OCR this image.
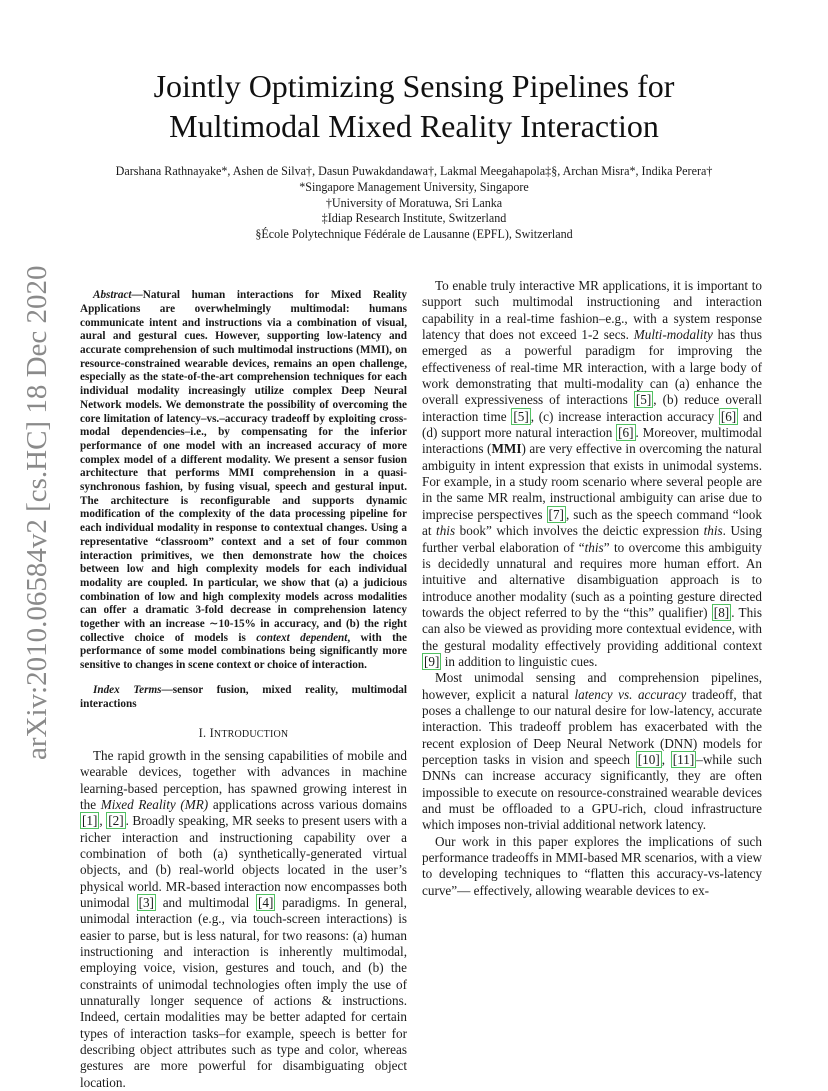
arXiv:2010.06584v2 [cs.HC] 18 Dec 2020
Jointly Optimizing Sensing Pipelines for
Multimodal Mixed Reality Interaction
Darshana Rathnayake*, Ashen de Silva†, Dasun Puwakdandawa†, Lakmal Meegahapola‡§, Archan Misra*, Indika Perera†
*Singapore Management University, Singapore
†University of Moratuwa, Sri Lanka
‡Idiap Research Institute, Switzerland
§École Polytechnique Fédérale de Lausanne (EPFL), Switzerland

Abstract—Natural human interactions for Mixed Reality Applications are overwhelmingly multimodal: humans communicate intent and instructions via a combination of visual, aural and gestural cues. However, supporting low-latency and accurate comprehension of such multimodal instructions (MMI), on resource-constrained wearable devices, remains an open challenge, especially as the state-of-the-art comprehension techniques for each individual modality increasingly utilize complex Deep Neural Network models. We demonstrate the possibility of overcoming the core limitation of latency–vs.–accuracy tradeoff by exploiting cross-modal dependencies–i.e., by compensating for the inferior performance of one model with an increased accuracy of more complex model of a different modality. We present a sensor fusion architecture that performs MMI comprehension in a quasi-synchronous fashion, by fusing visual, speech and gestural input. The architecture is reconfigurable and supports dynamic modification of the complexity of the data processing pipeline for each individual modality in response to contextual changes. Using a representative “classroom” context and a set of four common interaction primitives, we then demonstrate how the choices between low and high complexity models for each individual modality are coupled. In particular, we show that (a) a judicious combination of low and high complexity models across modalities can offer a dramatic 3-fold decrease in comprehension latency together with an increase ∼10-15% in accuracy, and (b) the right collective choice of models is context dependent, with the performance of some model combinations being significantly more sensitive to changes in scene context or choice of interaction.

Index Terms—sensor fusion, mixed reality, multimodal interactions

I. INTRODUCTION

The rapid growth in the sensing capabilities of mobile and wearable devices, together with advances in machine learning-based perception, has spawned growing interest in the Mixed Reality (MR) applications across various domains [1] , [2] . Broadly speaking, MR seeks to present users with a richer interaction and instructioning capability over a combination of both (a) synthetically-generated virtual objects, and (b) real-world objects located in the user’s physical world. MR-based interaction now encompasses both unimodal [3] and multimodal [4] paradigms. In general, unimodal interaction (e.g., via touch-screen interactions) is easier to parse, but is less natural, for two reasons: (a) human instructioning and interaction is inherently multimodal, employing voice, vision, gestures and touch, and (b) the constraints of unimodal technologies often imply the use of unnaturally longer sequence of actions & instructions. Indeed, certain modalities may be better adapted for certain types of interaction tasks–for example, speech is better for describing object attributes such as type and color, whereas gestures are more powerful for disambiguating object location.

To enable truly interactive MR applications, it is important to support such multimodal instructioning and interaction capability in a real-time fashion–e.g., with a system response latency that does not exceed 1-2 secs. Multi-modality has thus emerged as a powerful paradigm for improving the effectiveness of real-time MR interaction, with a large body of work demonstrating that multi-modality can (a) enhance the overall expressiveness of interactions [5] , (b) reduce overall interaction time [5] , (c) increase interaction accuracy [6] and (d) support more natural interaction [6] . Moreover, multimodal interactions (MMI) are very effective in overcoming the natural ambiguity in intent expression that exists in unimodal systems. For example, in a study room scenario where several people are in the same MR realm, instructional ambiguity can arise due to imprecise perspectives [7] , such as the speech command “look at this book” which involves the deictic expression this. Using further verbal elaboration of “this” to overcome this ambiguity is decidedly unnatural and requires more human effort. An intuitive and alternative disambiguation approach is to introduce another modality (such as a pointing gesture directed towards the object referred to by the “this” qualifier) [8] . This can also be viewed as providing more contextual evidence, with the gestural modality effectively providing additional context [9] in addition to linguistic cues.

Most unimodal sensing and comprehension pipelines, however, explicit a natural latency vs. accuracy tradeoff, that poses a challenge to our natural desire for low-latency, accurate interaction. This tradeoff problem has exacerbated with the recent explosion of Deep Neural Network (DNN) models for perception tasks in vision and speech [10] , [11] –while such DNNs can increase accuracy significantly, they are often impossible to execute on resource-constrained wearable devices and must be offloaded to a GPU-rich, cloud infrastructure which imposes non-trivial additional network latency.

Our work in this paper explores the implications of such performance tradeoffs in MMI-based MR scenarios, with a view to developing techniques to “flatten this accuracy-vs-latency curve”— effectively, allowing wearable devices to ex-
